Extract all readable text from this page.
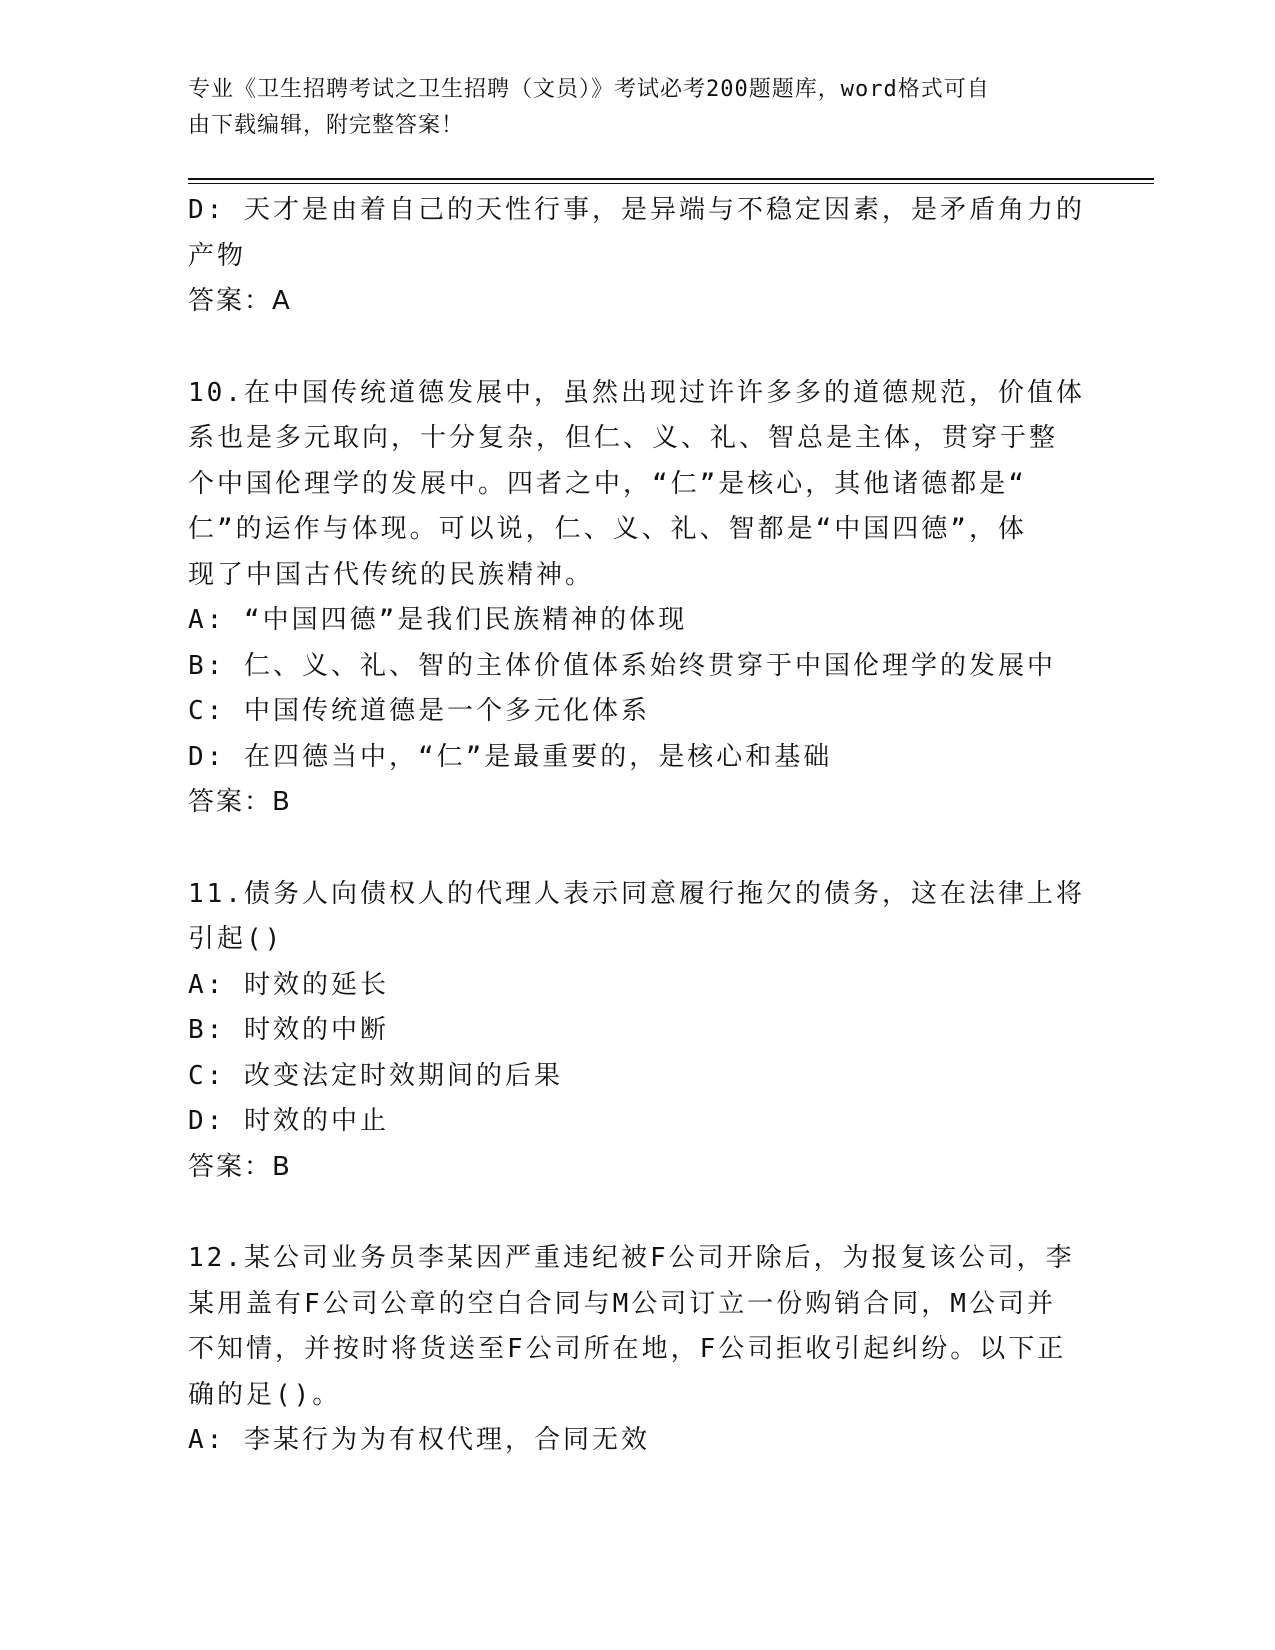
专业《卫生招聘考试之卫生招聘（文员）》考试必考200题题库，word格式可自
由下载编辑，附完整答案！
D: 天才是由着自己的天性行事，是异端与不稳定因素，是矛盾角力的
产物
答案：A
10.在中国传统道德发展中，虽然出现过许许多多的道德规范，价值体
系也是多元取向，十分复杂，但仁、义、礼、智总是主体，贯穿于整
个中国伦理学的发展中。四者之中，“仁”是核心，其他诸德都是“
仁”的运作与体现。可以说，仁、义、礼、智都是“中国四德”，体
现了中国古代传统的民族精神。
A: “中国四德”是我们民族精神的体现
B: 仁、义、礼、智的主体价值体系始终贯穿于中国伦理学的发展中
C: 中国传统道德是一个多元化体系
D: 在四德当中，“仁”是最重要的，是核心和基础
答案：B
11.债务人向债权人的代理人表示同意履行拖欠的债务，这在法律上将
引起()
A: 时效的延长
B: 时效的中断
C: 改变法定时效期间的后果
D: 时效的中止
答案：B
12.某公司业务员李某因严重违纪被F公司开除后，为报复该公司，李
某用盖有F公司公章的空白合同与M公司订立一份购销合同，M公司并
不知情，并按时将货送至F公司所在地，F公司拒收引起纠纷。以下正
确的足()。
A: 李某行为为有权代理，合同无效
